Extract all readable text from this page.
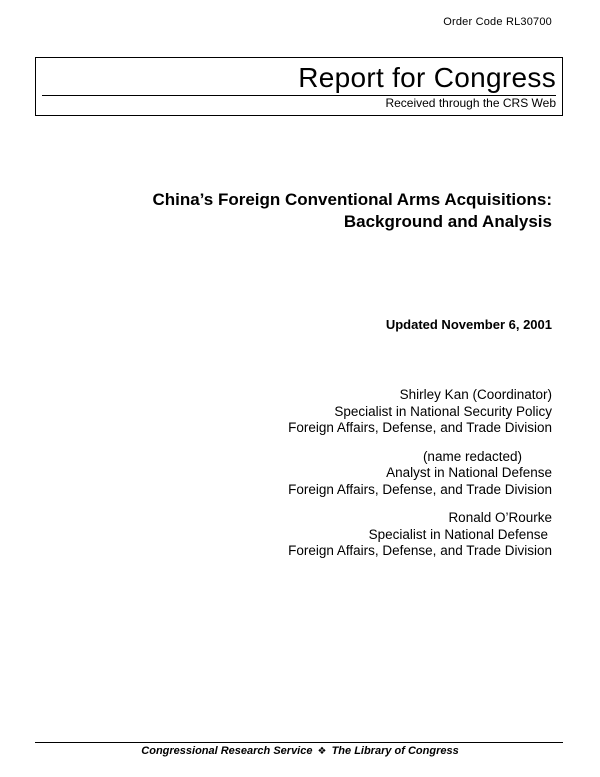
Order Code RL30700
Report for Congress
Received through the CRS Web
China’s Foreign Conventional Arms Acquisitions:
Background and Analysis
Updated November 6, 2001
Shirley Kan (Coordinator)
Specialist in National Security Policy
Foreign Affairs, Defense, and Trade Division
(name redacted)
Analyst in National Defense
Foreign Affairs, Defense, and Trade Division
Ronald O’Rourke
Specialist in National Defense
Foreign Affairs, Defense, and Trade Division
Congressional Research Service ❖ The Library of Congress
